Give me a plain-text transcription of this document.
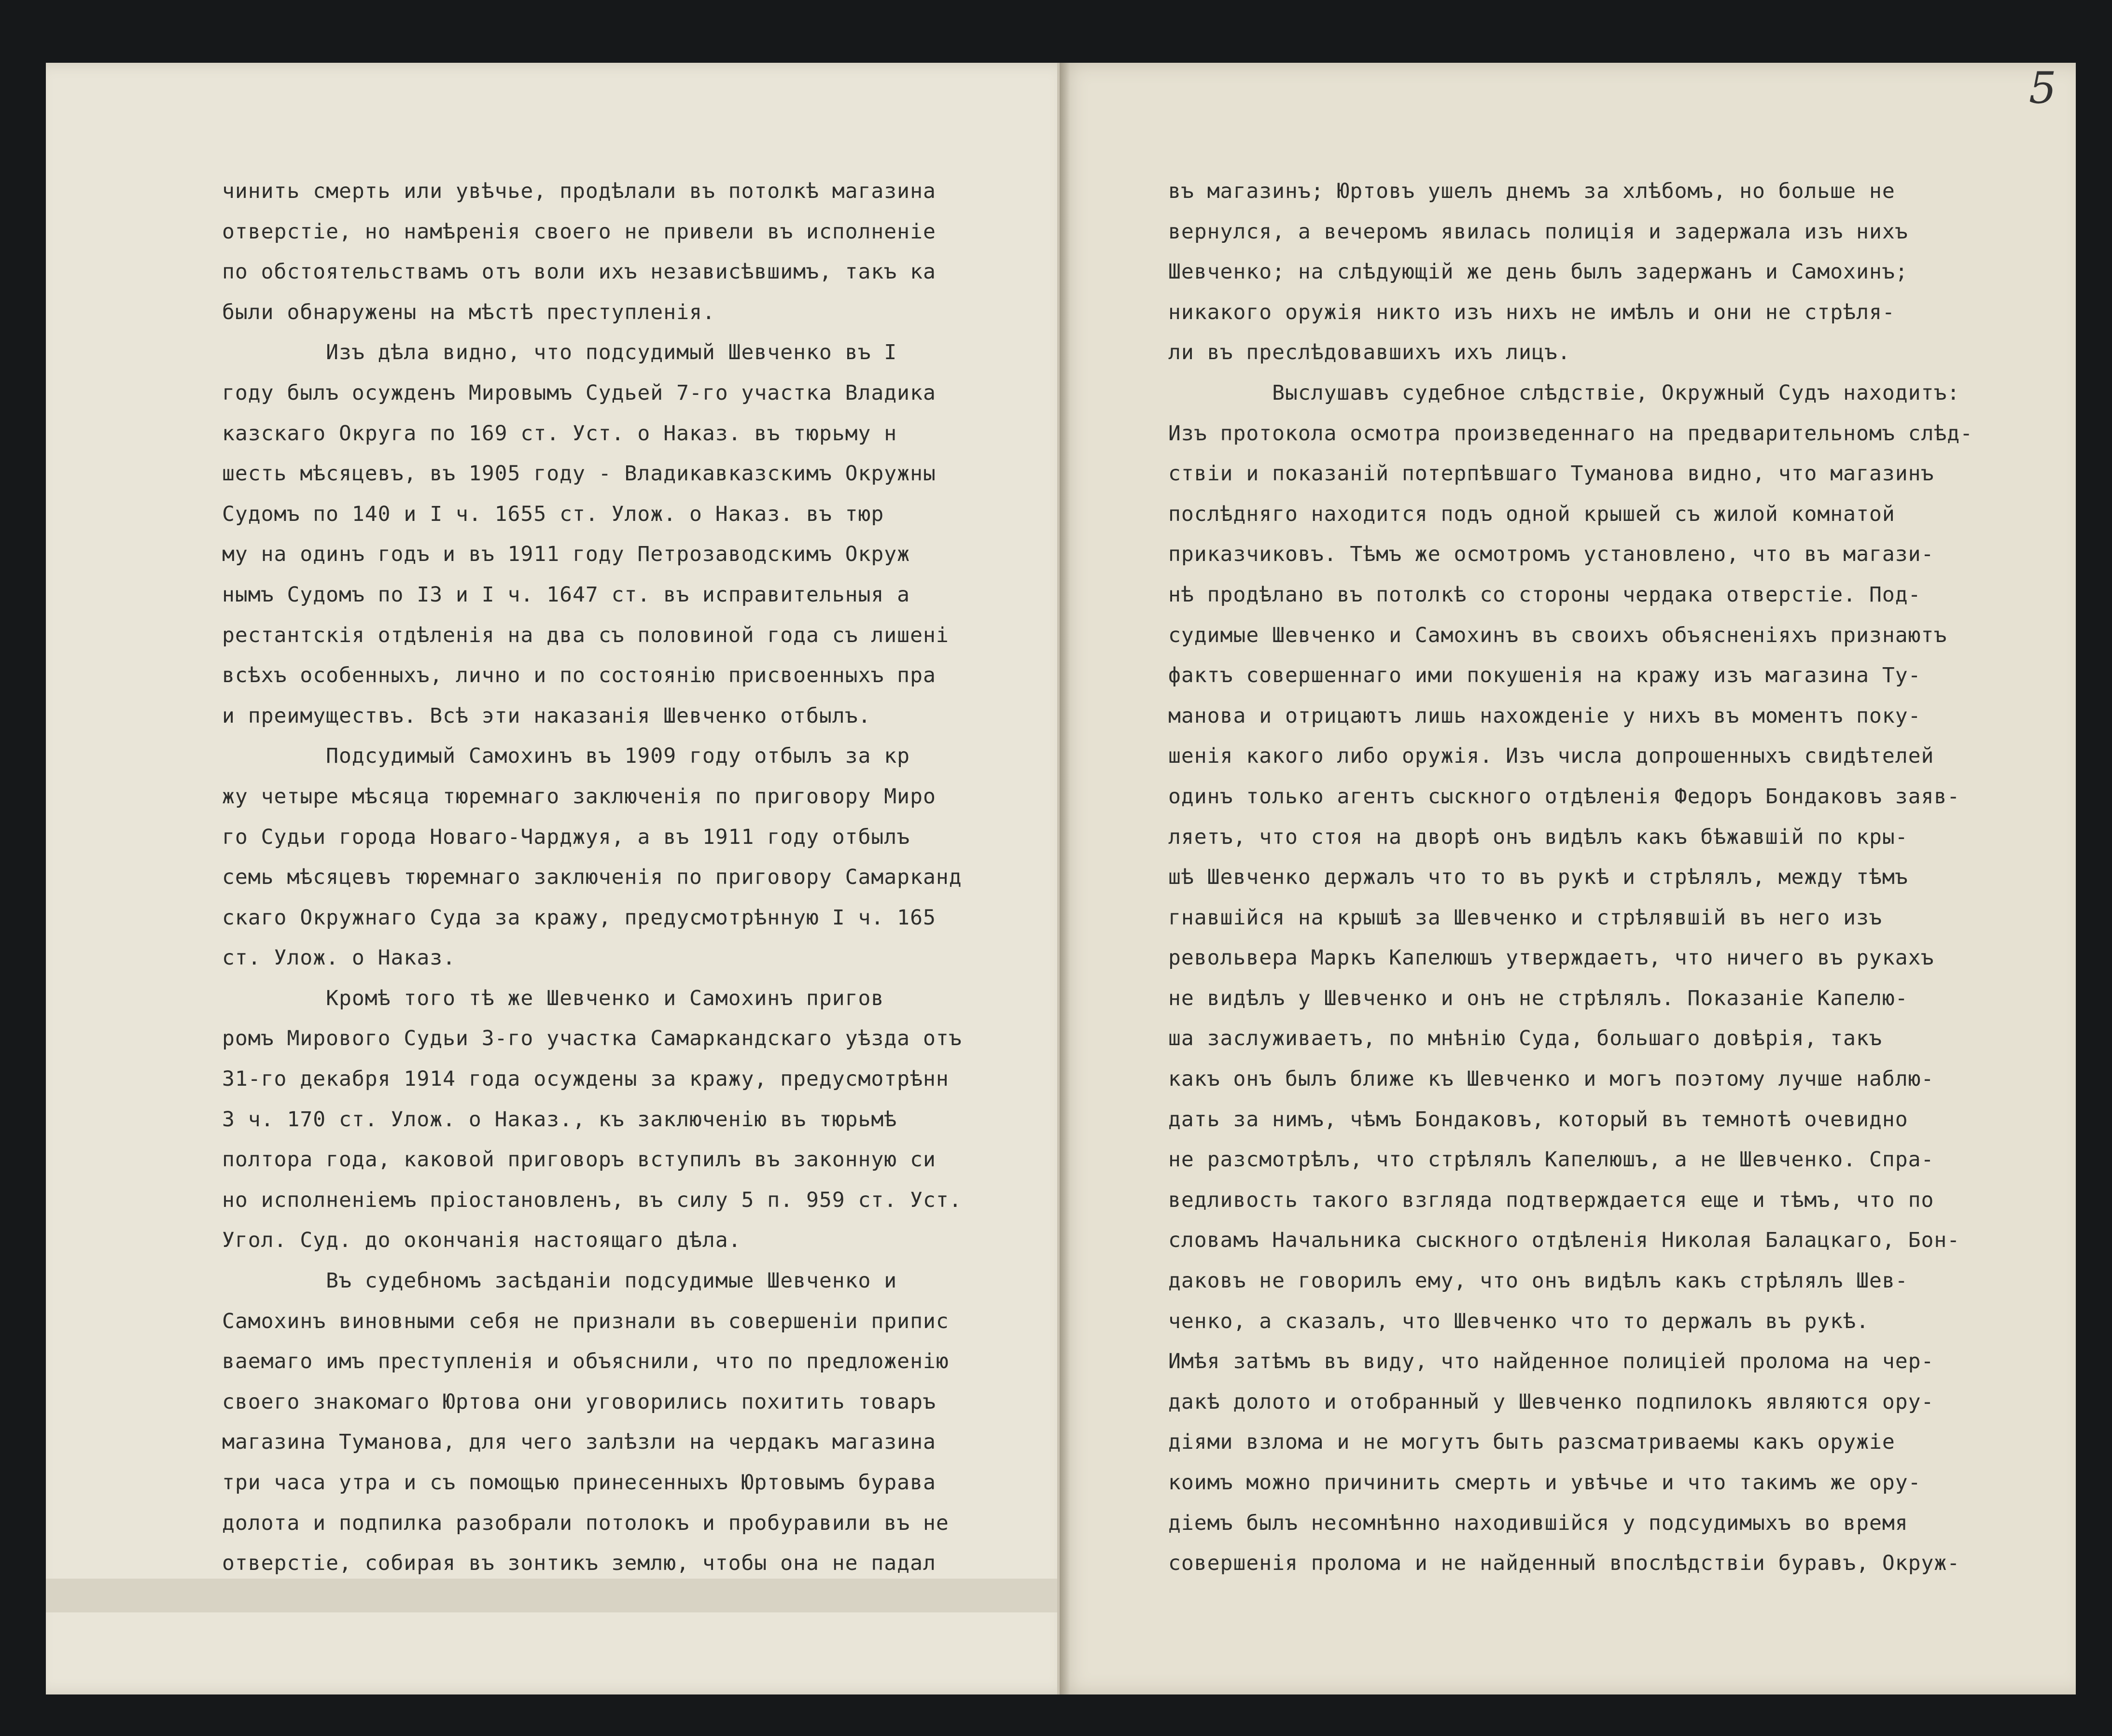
чинить смерть или увѣчье, продѣлали въ потолкѣ магазина
отверстіе, но намѣренія своего не привели въ исполненіе
по обстоятельствамъ отъ воли ихъ независѣвшимъ, такъ ка
были обнаружены на мѣстѣ преступленія.
Изъ дѣла видно, что подсудимый Шевченко въ I
году былъ осужденъ Мировымъ Судьей 7-го участка Владика
казскаго Округа по 169 ст. Уст. о Наказ. въ тюрьму н
шесть мѣсяцевъ, въ 1905 году - Владикавказскимъ Окружны
Судомъ по 140 и I ч. 1655 ст. Улож. о Наказ. въ тюр
му на одинъ годъ и въ 1911 году Петрозаводскимъ Окруж
нымъ Судомъ по I3 и I ч. 1647 ст. въ исправительныя а
рестантскія отдѣленія на два съ половиной года съ лишені
всѣхъ особенныхъ, лично и по состоянію присвоенныхъ пра
и преимуществъ. Всѣ эти наказанія Шевченко отбылъ.
Подсудимый Самохинъ въ 1909 году отбылъ за кр
жу четыре мѣсяца тюремнаго заключенія по приговору Миро
го Судьи города Новаго-Чарджуя, а въ 1911 году отбылъ
семь мѣсяцевъ тюремнаго заключенія по приговору Самарканд
скаго Окружнаго Суда за кражу, предусмотрѣнную I ч. 165
ст. Улож. о Наказ.
Кромѣ того тѣ же Шевченко и Самохинъ пригов
ромъ Мирового Судьи 3-го участка Самаркандскаго уѣзда отъ
31-го декабря 1914 года осуждены за кражу, предусмотрѣнн
3 ч. 170 ст. Улож. о Наказ., къ заключенію въ тюрьмѣ
полтора года, каковой приговоръ вступилъ въ законную си
но исполненіемъ пріостановленъ, въ силу 5 п. 959 ст. Уст.
Угол. Суд. до окончанія настоящаго дѣла.
Въ судебномъ засѣданіи подсудимые Шевченко и
Самохинъ виновными себя не признали въ совершеніи припис
ваемаго имъ преступленія и объяснили, что по предложенію
своего знакомаго Юртова они уговорились похитить товаръ
магазина Туманова, для чего залѣзли на чердакъ магазина
три часа утра и съ помощью принесенныхъ Юртовымъ бурава
долота и подпилка разобрали потолокъ и пробуравили въ не
отверстіе, собирая въ зонтикъ землю, чтобы она не падал
5
въ магазинъ; Юртовъ ушелъ днемъ за хлѣбомъ, но больше не
вернулся, а вечеромъ явилась полиція и задержала изъ нихъ
Шевченко; на слѣдующій же день былъ задержанъ и Самохинъ;
никакого оружія никто изъ нихъ не имѣлъ и они не стрѣля-
ли въ преслѣдовавшихъ ихъ лицъ.
Выслушавъ судебное слѣдствіе, Окружный Судъ находитъ:
Изъ протокола осмотра произведеннаго на предварительномъ слѣд-
ствіи и показаній потерпѣвшаго Туманова видно, что магазинъ
послѣдняго находится подъ одной крышей съ жилой комнатой
приказчиковъ. Тѣмъ же осмотромъ установлено, что въ магази-
нѣ продѣлано въ потолкѣ со стороны чердака отверстіе. Под-
судимые Шевченко и Самохинъ въ своихъ объясненіяхъ признаютъ
фактъ совершеннаго ими покушенія на кражу изъ магазина Ту-
манова и отрицаютъ лишь нахожденіе у нихъ въ моментъ поку-
шенія какого либо оружія. Изъ числа допрошенныхъ свидѣтелей
одинъ только агентъ сыскного отдѣленія Федоръ Бондаковъ заяв-
ляетъ, что стоя на дворѣ онъ видѣлъ какъ бѣжавшій по кры-
шѣ Шевченко держалъ что то въ рукѣ и стрѣлялъ, между тѣмъ
гнавшійся на крышѣ за Шевченко и стрѣлявшій въ него изъ
револьвера Маркъ Капелюшъ утверждаетъ, что ничего въ рукахъ
не видѣлъ у Шевченко и онъ не стрѣлялъ. Показаніе Капелю-
ша заслуживаетъ, по мнѣнію Суда, большаго довѣрія, такъ
какъ онъ былъ ближе къ Шевченко и могъ поэтому лучше наблю-
дать за нимъ, чѣмъ Бондаковъ, который въ темнотѣ очевидно
не разсмотрѣлъ, что стрѣлялъ Капелюшъ, а не Шевченко. Спра-
ведливость такого взгляда подтверждается еще и тѣмъ, что по
словамъ Начальника сыскного отдѣленія Николая Балацкаго, Бон-
даковъ не говорилъ ему, что онъ видѣлъ какъ стрѣлялъ Шев-
ченко, а сказалъ, что Шевченко что то держалъ въ рукѣ.
Имѣя затѣмъ въ виду, что найденное полиціей пролома на чер-
дакѣ долото и отобранный у Шевченко подпилокъ являются ору-
діями взлома и не могутъ быть разсматриваемы какъ оружіе
коимъ можно причинить смерть и увѣчье и что такимъ же ору-
діемъ былъ несомнѣнно находившійся у подсудимыхъ во время
совершенія пролома и не найденный впослѣдствіи буравъ, Окруж-
